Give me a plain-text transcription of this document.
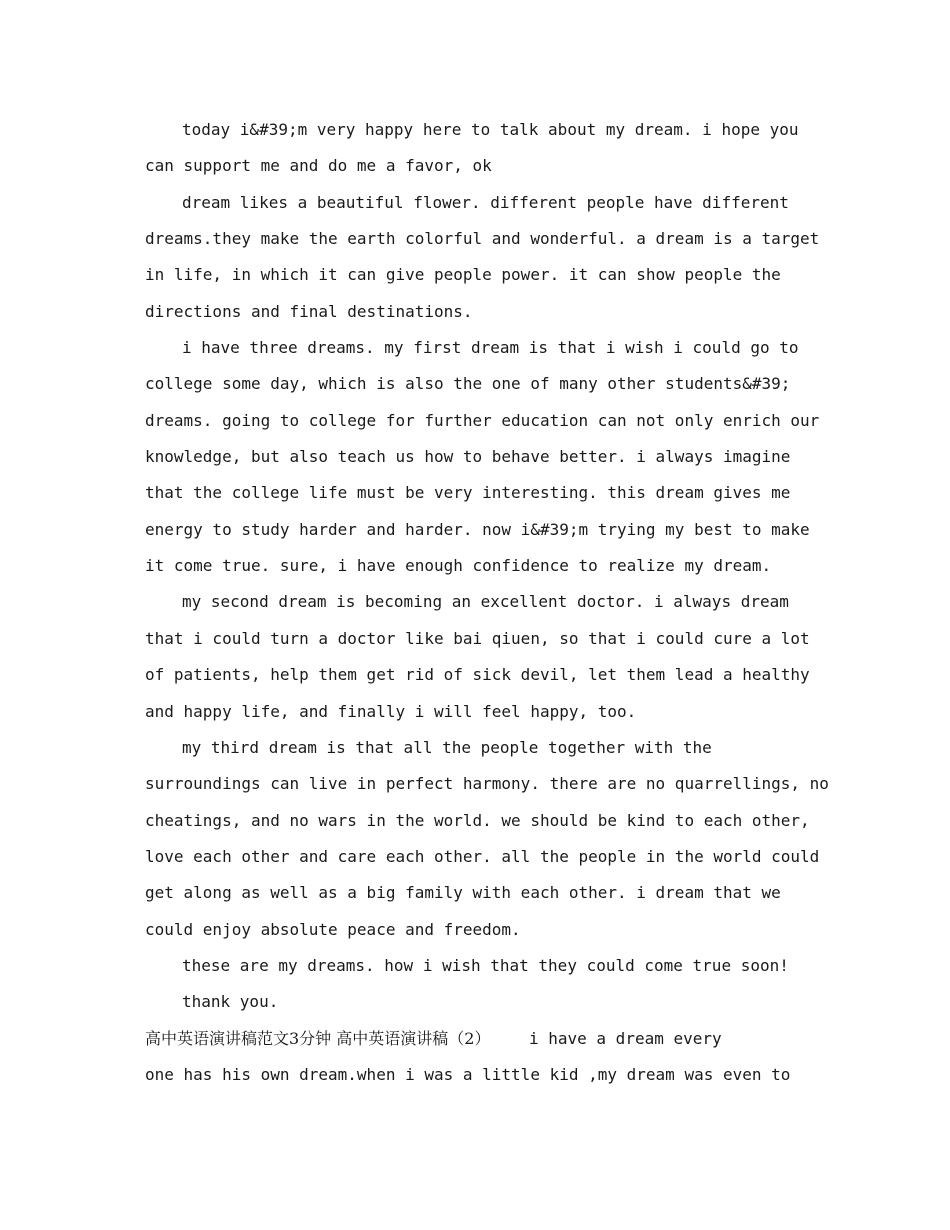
today i&#39;m very happy here to talk about my dream. i hope you
can support me and do me a favor, ok
dream likes a beautiful flower. different people have different
dreams.they make the earth colorful and wonderful. a dream is a target
in life, in which it can give people power. it can show people the
directions and final destinations.
i have three dreams. my first dream is that i wish i could go to
college some day, which is also the one of many other students&#39;
dreams. going to college for further education can not only enrich our
knowledge, but also teach us how to behave better. i always imagine
that the college life must be very interesting. this dream gives me
energy to study harder and harder. now i&#39;m trying my best to make
it come true. sure, i have enough confidence to realize my dream.
my second dream is becoming an excellent doctor. i always dream
that i could turn a doctor like bai qiuen, so that i could cure a lot
of patients, help them get rid of sick devil, let them lead a healthy
and happy life, and finally i will feel happy, too.
my third dream is that all the people together with the
surroundings can live in perfect harmony. there are no quarrellings, no
cheatings, and no wars in the world. we should be kind to each other,
love each other and care each other. all the people in the world could
get along as well as a big family with each other. i dream that we
could enjoy absolute peace and freedom.
these are my dreams. how i wish that they could come true soon!
thank you.
高中英语演讲稿范文3分钟 高中英语演讲稿（2）    i have a dream every
one has his own dream.when i was a little kid ,my dream was even to
